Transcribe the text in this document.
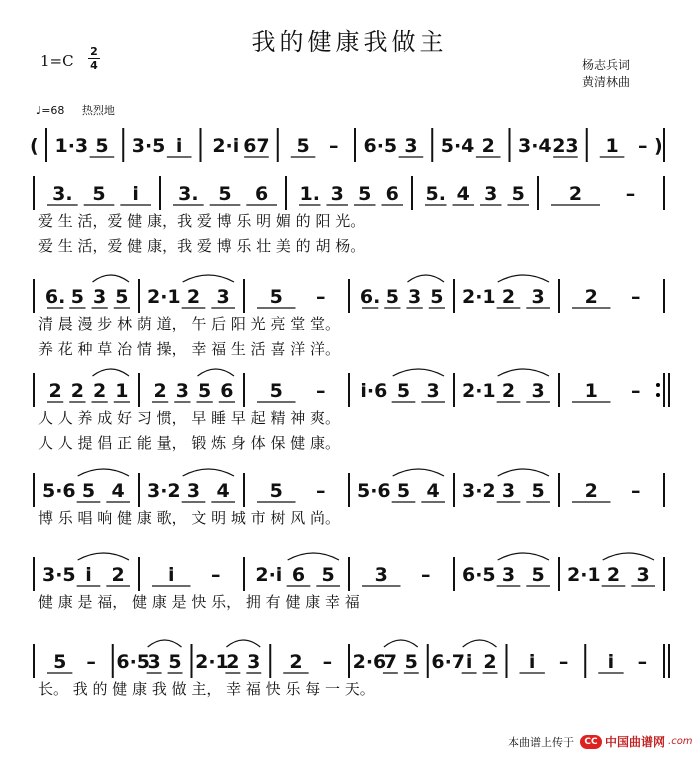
我的健康我做主
1=C
2
4	杨志兵词
黄清林曲
♩=68 热烈地
( 1·3 5 3·5 i 2·i 67 5 – 6·5 3 5·4 2 3·4 23 1 – )
3. 5 i 3. 5 6 1. 3 5 6 5. 4 3 5 2 –
爱 生 活，爱 健 康，我 爱 博 乐 明 媚 的 阳 光。
爱 生 活，爱 健 康，我 爱 博 乐 壮 美 的 胡 杨。
6. 5 3 5 2·1 2 3 5 – 6. 5 3 5 2·1 2 3 2 –
清 晨 漫 步 林 荫 道， 午 后 阳 光 亮 堂 堂。
养 花 种 草 冶 情 操， 幸 福 生 活 喜 洋 洋。
2 2 2 1 2 3 5 6 5 – i·6 5 3 2·1 2 3 1 –
人 人 养 成 好 习 惯， 早 睡 早 起 精 神 爽。
人 人 提 倡 正 能 量， 锻 炼 身 体 保 健 康。
5·6 5 4 3·2 3 4 5 – 5·6 5 4 3·2 3 5 2 –
博 乐 唱 响 健 康 歌， 文 明 城 市 树 风 尚。
3·5 i 2 i – 2·i 6 5 3 – 6·5 3 5 2·1 2 3
健 康 是 福， 健 康 是 快 乐， 拥 有 健 康 幸 福
5 – 6·5
3 5 2·1
2 3 2 – 2·6
7 5 6·7 i 2 i – i –
长。 我 的 健 康 我 做 主， 幸 福 快 乐 每 一 天。
本曲谱上传于	CC 中国曲谱网 .com
